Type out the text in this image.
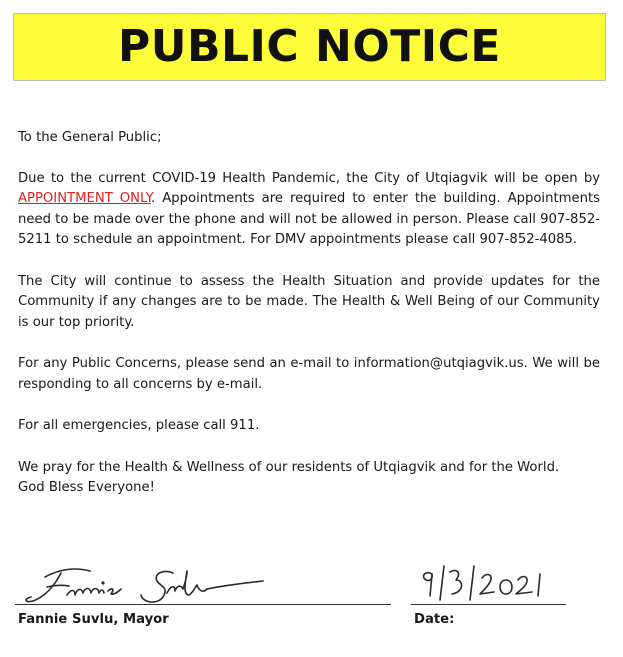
PUBLIC NOTICE

To the General Public;

Due to the current COVID-19 Health Pandemic, the City of Utqiagvik will be open by APPOINTMENT ONLY. Appointments are required to enter the building. Appointments need to be made over the phone and will not be allowed in person. Please call 907-852-5211 to schedule an appointment. For DMV appointments please call 907-852-4085.

The City will continue to assess the Health Situation and provide updates for the Community if any changes are to be made. The Health & Well Being of our Community is our top priority.

For any Public Concerns, please send an e-mail to information@utqiagvik.us. We will be responding to all concerns by e-mail.

For all emergencies, please call 911.

We pray for the Health & Wellness of our residents of Utqiagvik and for the World.

God Bless Everyone!

Fannie Suvlu, Mayor	Date:
